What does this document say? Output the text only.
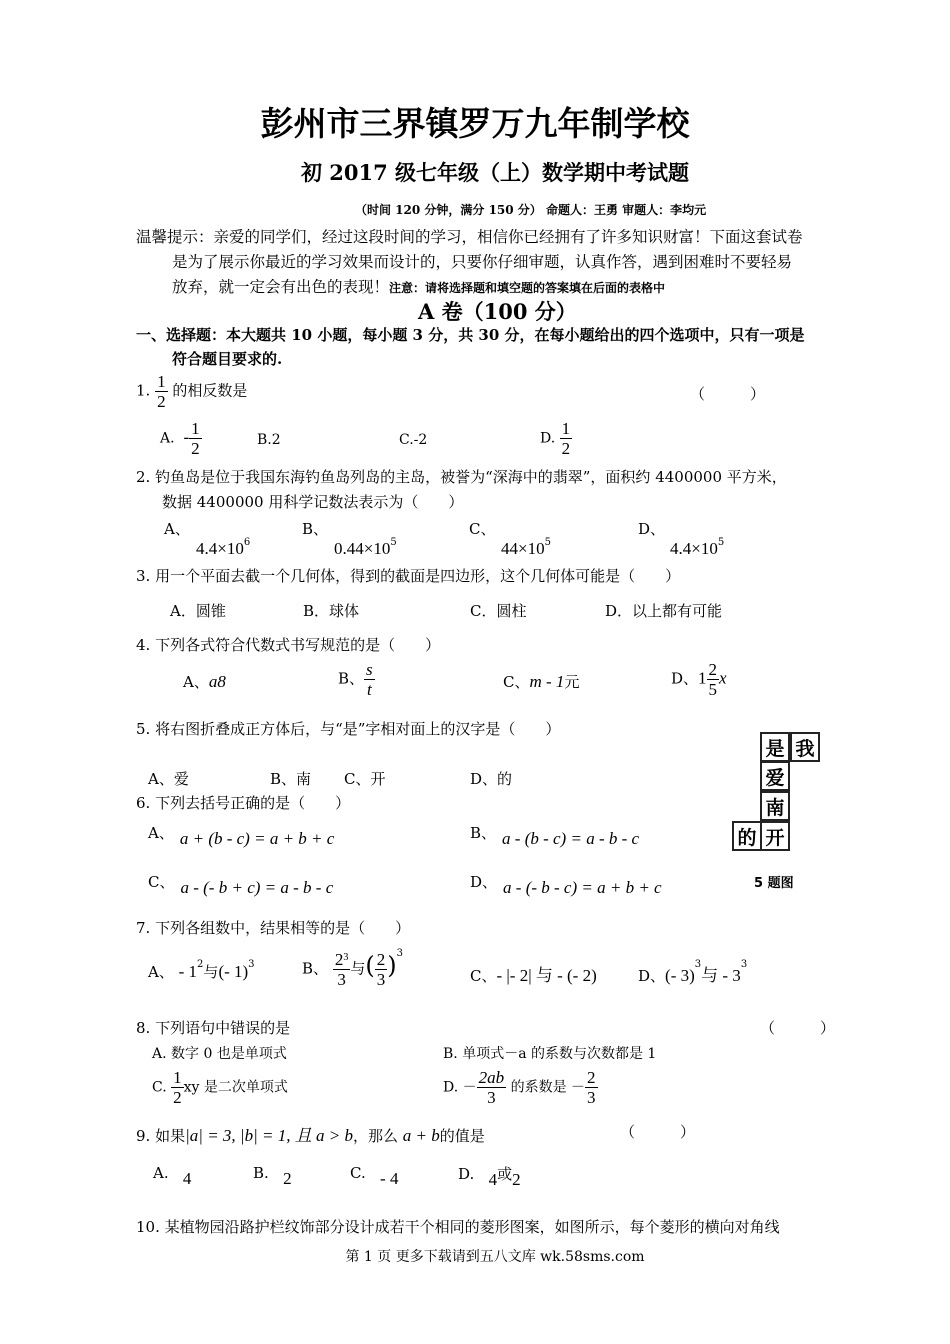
彭州市三界镇罗万九年制学校
初 2017 级七年级（上）数学期中考试题
（时间 120 分钟，满分 150 分） 命题人：王勇 审题人：李均元
温馨提示：亲爱的同学们，经过这段时间的学习，相信你已经拥有了许多知识财富！下面这套试卷
是为了展示你最近的学习效果而设计的，只要你仔细审题，认真作答，遇到困难时不要轻易
放弃，就一定会有出色的表现！注意：请将选择题和填空题的答案填在后面的表格中
A 卷（100 分）
一、选择题：本大题共 10 小题，每小题 3 分，共 30 分，在每小题给出的四个选项中，只有一项是
符合题目要求的.
1. $\frac{1}{2}$ 的相反数是	（　　　）
A. - $\frac{1}{2}$	B.2	C.-2	D. $\frac{1}{2}$
2. 钓鱼岛是位于我国东海钓鱼岛列岛的主岛，被誉为“深海中的翡翠”，面积约 4400000 平方米，
数据 4400000 用科学记数法表示为（　　）
A、
$4.4\times 10^6$
B、
$0.44\times 10^5$
C、
$44\times 10^5$
D、
$4.4\times 10^5$
3. 用一个平面去截一个几何体，得到的截面是四边形，这个几何体可能是（　　）
A．圆锥	B．球体	C．圆柱	D．以上都有可能
4. 下列各式符合代数式书写规范的是（　　）
A、a8	B、 $\frac{s}{t}$	C、m - 1元	D、$1 \frac{2}{5}$ x
5. 将右图折叠成正方体后，与“是”字相对面上的汉字是（　　）
A、爱	B、南 C、开	D、的
是 我
爱
南
的 开
5 题图
6. 下列去括号正确的是（　　）
A、 a + (b - c) = a + b + c	B、 a - (b - c) = a - b - c
C、 a - (- b + c) = a - b - c	D、 a - (- b - c) = a + b + c
7. 下列各组数中，结果相等的是（　　）
A、 - $1^2$与(- 1)$^3$	B、 $\frac{2^3}{3}$ 与( $\frac{2}{3} )^3$
C、- |- 2| 与 - (- 2)	D、(- 3)$^3$与 - $3^3$
8. 下列语句中错误的是	（　　　）
A. 数字 0 也是单项式	B. 单项式－a 的系数与次数都是 1
C. $\frac{1}{2}$ xy 是二次单项式	D. － $\frac{2ab}{3}$ 的系数是 － $\frac{2}{3}$
9. 如果|a| = 3, |b| = 1, 且 a > b，那么 a + b的值是	（　　　）
A. 4	B. 2	C. - 4	D. 4或2
10. 某植物园沿路护栏纹饰部分设计成若干个相同的菱形图案，如图所示，每个菱形的横向对角线
第 1 页 更多下载请到五八文库 wk.58sms.com
